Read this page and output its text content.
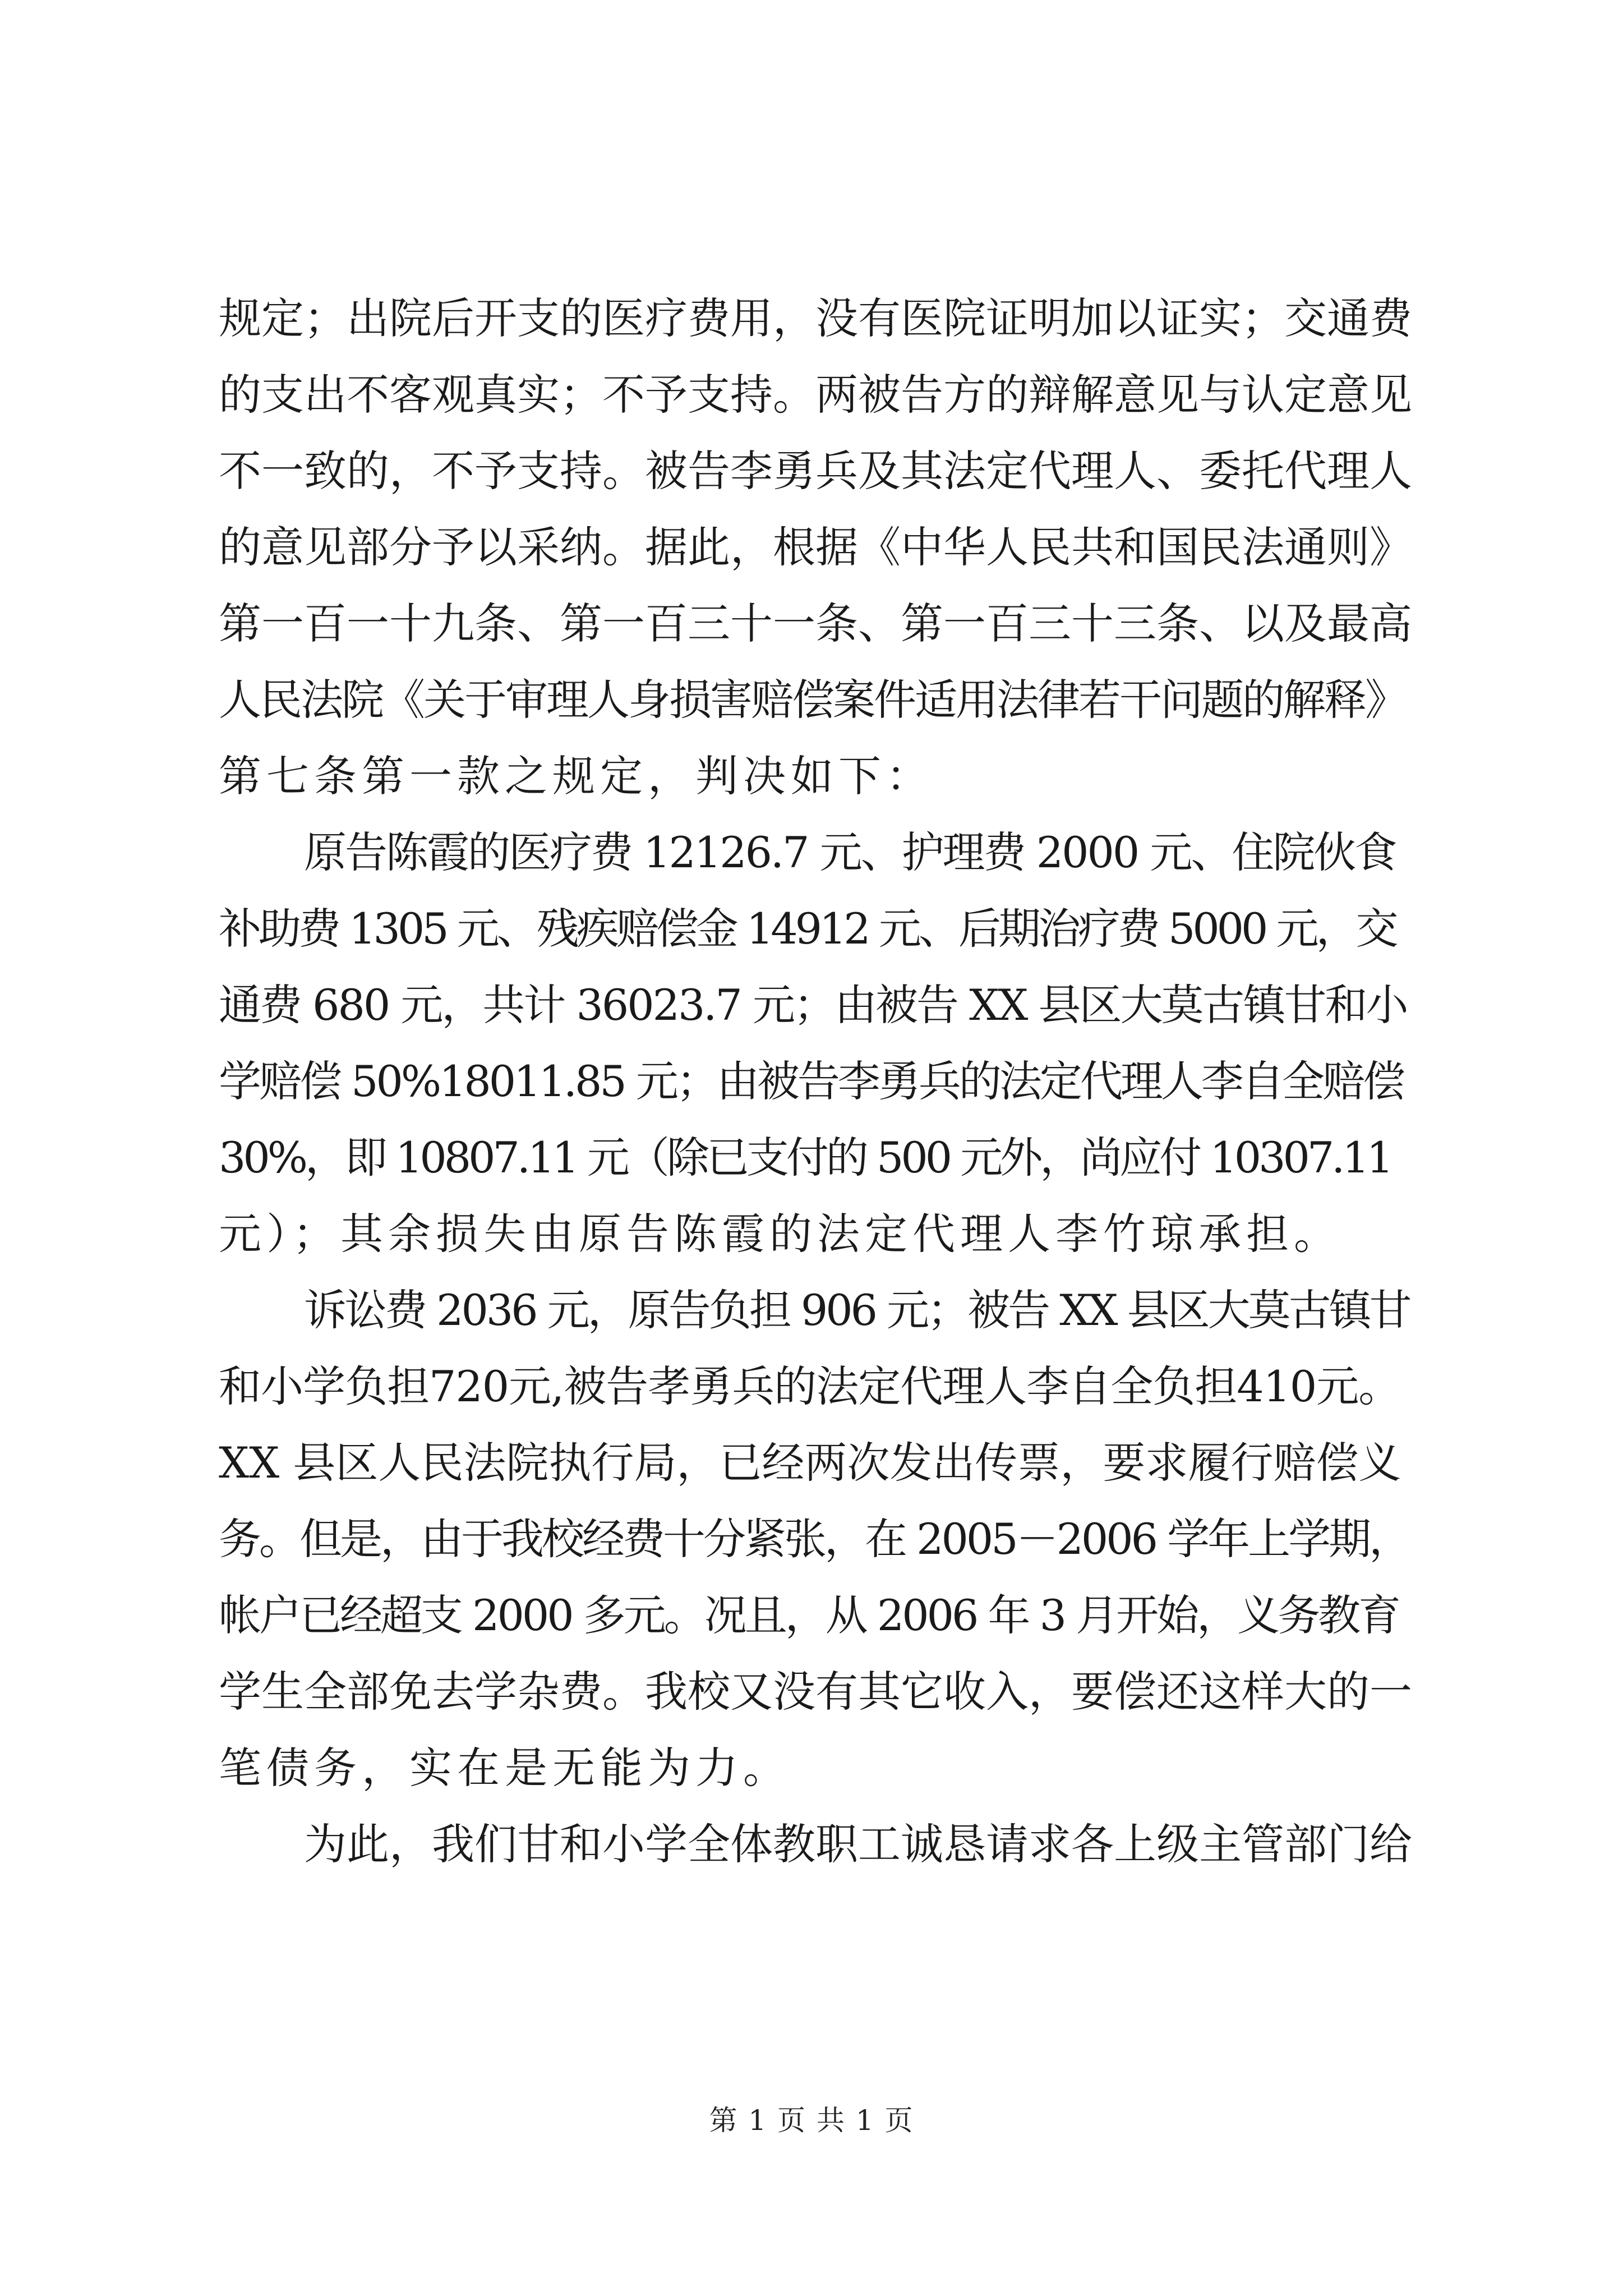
规定；出院后开支的医疗费用，没有医院证明加以证实；交通费
的支出不客观真实；不予支持。两被告方的辩解意见与认定意见
不一致的，不予支持。被告李勇兵及其法定代理人、委托代理人
的意见部分予以采纳。据此，根据《中华人民共和国民法通则》
第一百一十九条、第一百三十一条、第一百三十三条、以及最高
人民法院《关于审理人身损害赔偿案件适用法律若干问题的解释》
第七条第一款之规定，判决如下：
原告陈霞的医疗费 12126.7 元、护理费 2000 元、住院伙食
补助费 1305 元、残疾赔偿金 14912 元、后期治疗费 5000 元，交
通费 680 元，共计 36023.7 元；由被告 XX 县区大莫古镇甘和小
学赔偿 50%18011.85 元；由被告李勇兵的法定代理人李自全赔偿
30%，即 10807.11 元（除已支付的 500 元外，尚应付 10307.11
元）；其余损失由原告陈霞的法定代理人李竹琼承担。
诉讼费 2036 元，原告负担 906 元；被告 XX 县区大莫古镇甘
和小学负担720元,被告孝勇兵的法定代理人李自全负担410元。
XX 县区人民法院执行局，已经两次发出传票，要求履行赔偿义
务。但是，由于我校经费十分紧张，在 2005－2006 学年上学期，
帐户已经超支 2000 多元。况且，从 2006 年 3 月开始，义务教育
学生全部免去学杂费。我校又没有其它收入，要偿还这样大的一
笔债务，实在是无能为力。
为此，我们甘和小学全体教职工诚恳请求各上级主管部门给
第 1 页 共 1 页
